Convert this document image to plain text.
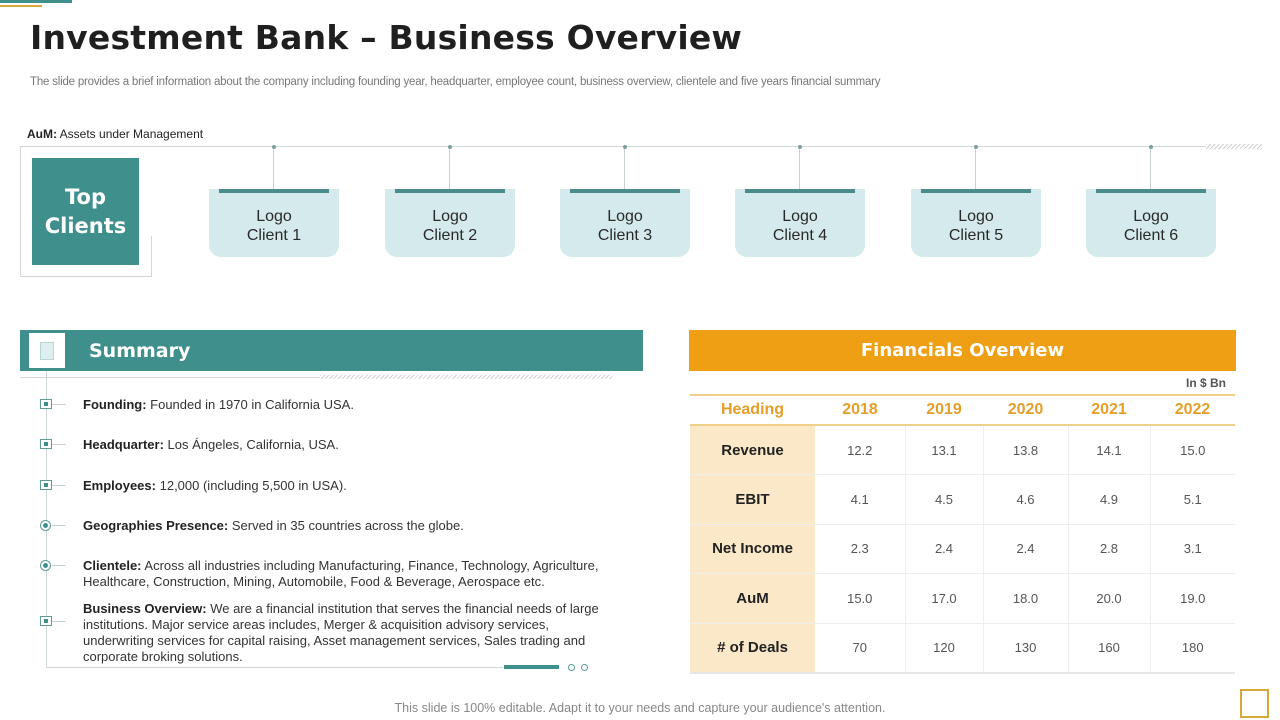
Investment Bank – Business Overview

The slide provides a brief information about the company including founding year, headquarter, employee count, business overview, clientele and five years financial summary

AuM: Assets under Management
Top
Clients	Logo
Client 1
Logo
Client 2
Logo
Client 3
Logo
Client 4
Logo
Client 5
Logo
Client 6
Summary
Founding: Founded in 1970 in California USA.
Headquarter: Los Ángeles, California, USA.
Employees: 12,000 (including 5,500 in USA).
Geographies Presence: Served in 35 countries across the globe.
Clientele: Across all industries including Manufacturing, Finance, Technology, Agriculture, Healthcare, Construction, Mining, Automobile, Food & Beverage, Aerospace etc.
Business Overview: We are a financial institution that serves the financial needs of large institutions. Major service areas includes, Merger & acquisition advisory services, underwriting services for capital raising, Asset management services, Sales trading and corporate broking solutions.
Financials Overview
In $ Bn
Heading	2018	2019	2020	2021	2022
Revenue	12.2	13.1	13.8	14.1	15.0
EBIT	4.1	4.5	4.6	4.9	5.1
Net Income	2.3	2.4	2.4	2.8	3.1
AuM	15.0	17.0	18.0	20.0	19.0
# of Deals	70	120	130	160	180
This slide is 100% editable. Adapt it to your needs and capture your audience's attention.
